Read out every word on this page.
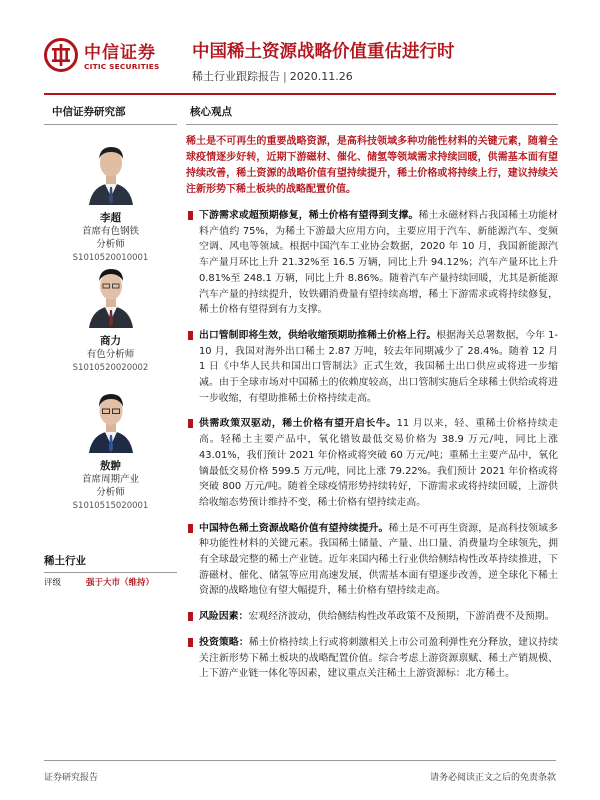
中信证券
CITIC SECURITIES
中国稀土资源战略价值重估进行时
稀土行业跟踪报告 | 2020.11.26
中信证券研究部
李超
首席有色钢铁
分析师
S1010520010001
商力
有色分析师
S1010520020002
敖翀
首席周期产业
分析师
S1010515020001
稀土行业
评级	强于大市（维持）
核心观点

稀土是不可再生的重要战略资源，是高科技领域多种功能性材料的关键元素，随着全球疫情逐步好转，近期下游磁材、催化、储氢等领域需求持续回暖，供需基本面有望持续改善，稀土资源的战略价值有望持续提升，稀土价格或将持续上行，建议持续关注新形势下稀土板块的战略配置价值。

下游需求或超预期修复，稀土价格有望得到支撑。稀土永磁材料占我国稀土功能材料产值约 75%，为稀土下游最大应用方向，主要应用于汽车、新能源汽车、变频空调、风电等领域。根据中国汽车工业协会数据，2020 年 10 月，我国新能源汽车产量月环比上升 21.32%至 16.5 万辆，同比上升 94.12%；汽车产量环比上升 0.81%至 248.1 万辆，同比上升 8.86%。随着汽车产量持续回暖，尤其是新能源汽车产量的持续提升，钕铁硼消费量有望持续高增，稀土下游需求或将持续修复，稀土价格有望得到有力支撑。

出口管制即将生效，供给收缩预期助推稀土价格上行。根据海关总署数据，今年 1-10 月，我国对海外出口稀土 2.87 万吨，较去年同期减少了 28.4%。随着 12 月 1 日《中华人民共和国出口管制法》正式生效，我国稀土出口供应或将进一步缩减。由于全球市场对中国稀土的依赖度较高，出口管制实施后全球稀土供给或将进一步收缩，有望助推稀土价格持续走高。

供需政策双驱动，稀土价格有望开启长牛。11 月以来，轻、重稀土价格持续走高。轻稀土主要产品中，氧化镨钕最低交易价格为 38.9 万元/吨，同比上涨 43.01%，我们预计 2021 年价格或将突破 60 万元/吨；重稀土主要产品中，氧化镝最低交易价格 599.5 万元/吨，同比上涨 79.22%。我们预计 2021 年价格或将突破 800 万元/吨。随着全球疫情形势持续转好，下游需求或将持续回暖，上游供给收缩态势预计维持不变，稀土价格有望持续走高。

中国特色稀土资源战略价值有望持续提升。稀土是不可再生资源，是高科技领域多种功能性材料的关键元素。我国稀土储量、产量、出口量、消费量均全球领先，拥有全球最完整的稀土产业链。近年来国内稀土行业供给侧结构性改革持续推进，下游磁材、催化、储氢等应用高速发展，供需基本面有望逐步改善，逆全球化下稀土资源的战略地位有望大幅提升，稀土价格有望持续走高。

风险因素：宏观经济波动，供给侧结构性改革政策不及预期，下游消费不及预期。

投资策略：稀土价格持续上行或将刺激相关上市公司盈利弹性充分释放，建议持续关注新形势下稀土板块的战略配置价值。综合考虑上游资源禀赋、稀土产销规模、上下游产业链一体化等因素，建议重点关注稀土上游资源标：北方稀土。

证券研究报告	请务必阅读正文之后的免责条款
